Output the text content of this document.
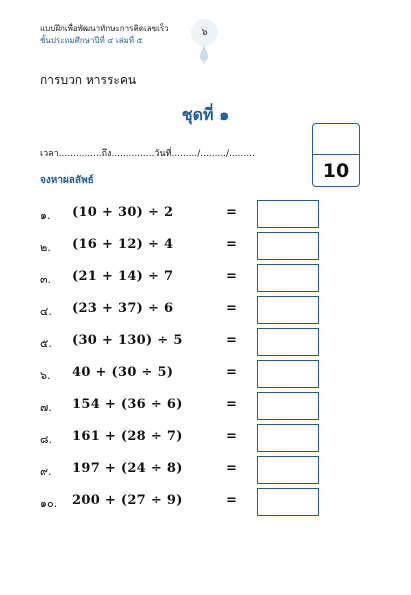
แบบฝึกเพื่อพัฒนาทักษะการคิดเลขเร็ว
ชั้นประถมศึกษาปีที่ ๔ เล่มที่ ๕
๖
การบวก หารระคน
ชุดที่ ๑
เวลา...............ถึง...............วันที่........./........./.........
10
จงหาผลลัพธ์
๑.	(10 + 30) ÷ 2	=
๒.	(16 + 12) ÷ 4	=
๓.	(21 + 14) ÷ 7	=
๔.	(23 + 37) ÷ 6	=
๕.	(30 + 130) ÷ 5	=
๖.	40 + (30 ÷ 5)	=
๗.	154 + (36 ÷ 6)	=
๘.	161 + (28 ÷ 7)	=
๙.	197 + (24 ÷ 8)	=
๑๐.	200 + (27 ÷ 9)	=
